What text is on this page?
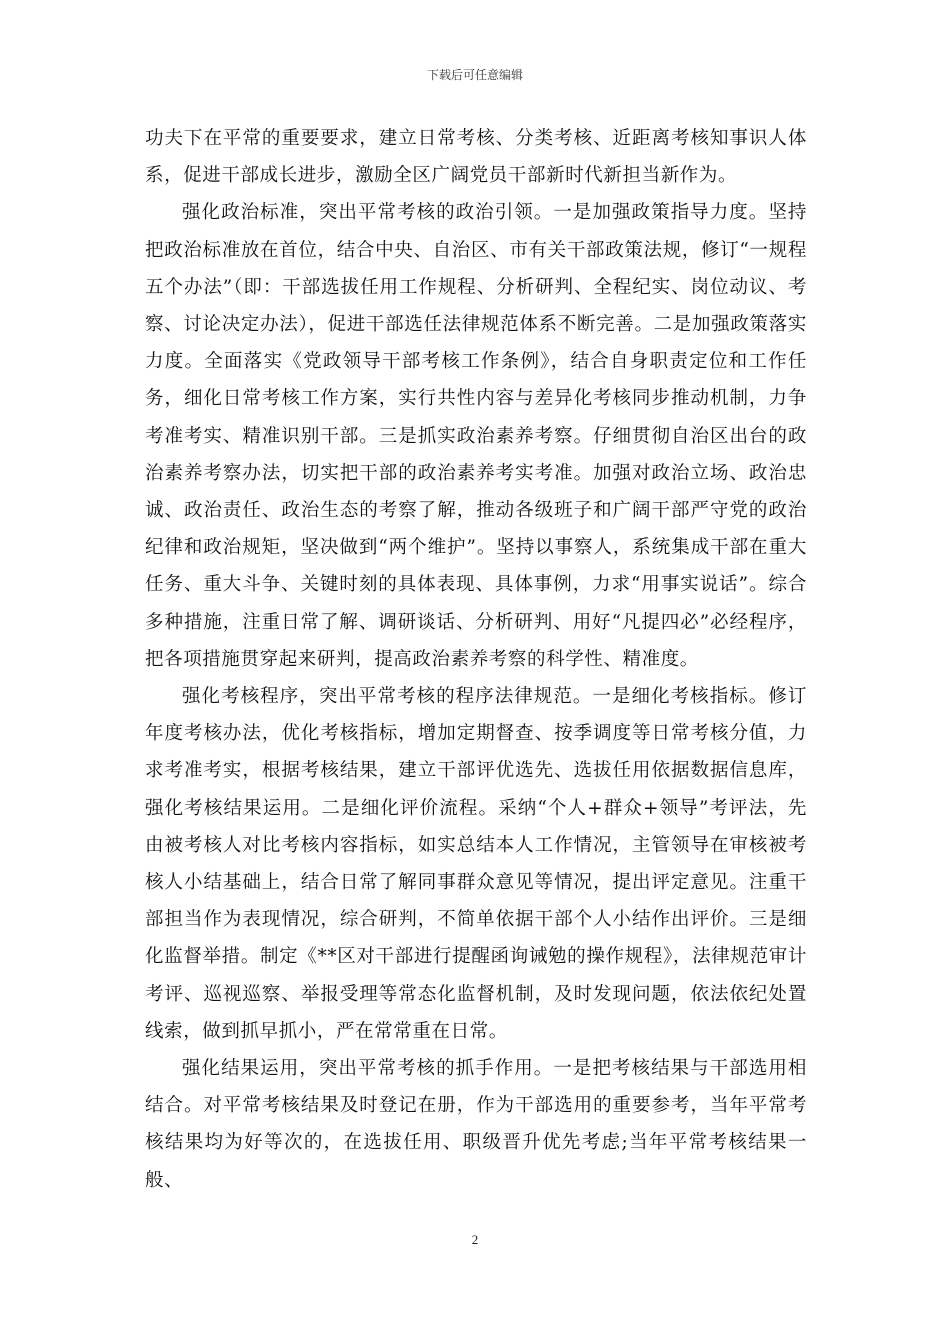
下载后可任意编辑

功夫下在平常的重要要求，建立日常考核、分类考核、近距离考核知事识人体系，促进干部成长进步，激励全区广阔党员干部新时代新担当新作为。

强化政治标准，突出平常考核的政治引领。一是加强政策指导力度。坚持把政治标准放在首位，结合中央、自治区、市有关干部政策法规，修订“一规程五个办法”（即：干部选拔任用工作规程、分析研判、全程纪实、岗位动议、考察、讨论决定办法），促进干部选任法律规范体系不断完善。二是加强政策落实力度。全面落实《党政领导干部考核工作条例》，结合自身职责定位和工作任务，细化日常考核工作方案，实行共性内容与差异化考核同步推动机制，力争考准考实、精准识别干部。三是抓实政治素养考察。仔细贯彻自治区出台的政治素养考察办法，切实把干部的政治素养考实考准。加强对政治立场、政治忠诚、政治责任、政治生态的考察了解，推动各级班子和广阔干部严守党的政治纪律和政治规矩，坚决做到“两个维护”。坚持以事察人，系统集成干部在重大任务、重大斗争、关键时刻的具体表现、具体事例，力求“用事实说话”。综合多种措施，注重日常了解、调研谈话、分析研判、用好“凡提四必”必经程序，把各项措施贯穿起来研判，提高政治素养考察的科学性、精准度。

强化考核程序，突出平常考核的程序法律规范。一是细化考核指标。修订年度考核办法，优化考核指标，增加定期督查、按季调度等日常考核分值，力求考准考实，根据考核结果，建立干部评优选先、选拔任用依据数据信息库，强化考核结果运用。二是细化评价流程。采纳“个人+群众+领导”考评法，先由被考核人对比考核内容指标，如实总结本人工作情况，主管领导在审核被考核人小结基础上，结合日常了解同事群众意见等情况，提出评定意见。注重干部担当作为表现情况，综合研判，不简单依据干部个人小结作出评价。三是细化监督举措。制定《**区对干部进行提醒函询诫勉的操作规程》，法律规范审计考评、巡视巡察、举报受理等常态化监督机制，及时发现问题，依法依纪处置线索，做到抓早抓小，严在常常重在日常。

强化结果运用，突出平常考核的抓手作用。一是把考核结果与干部选用相结合。对平常考核结果及时登记在册，作为干部选用的重要参考，当年平常考核结果均为好等次的，在选拔任用、职级晋升优先考虑;当年平常考核结果一般、

2
